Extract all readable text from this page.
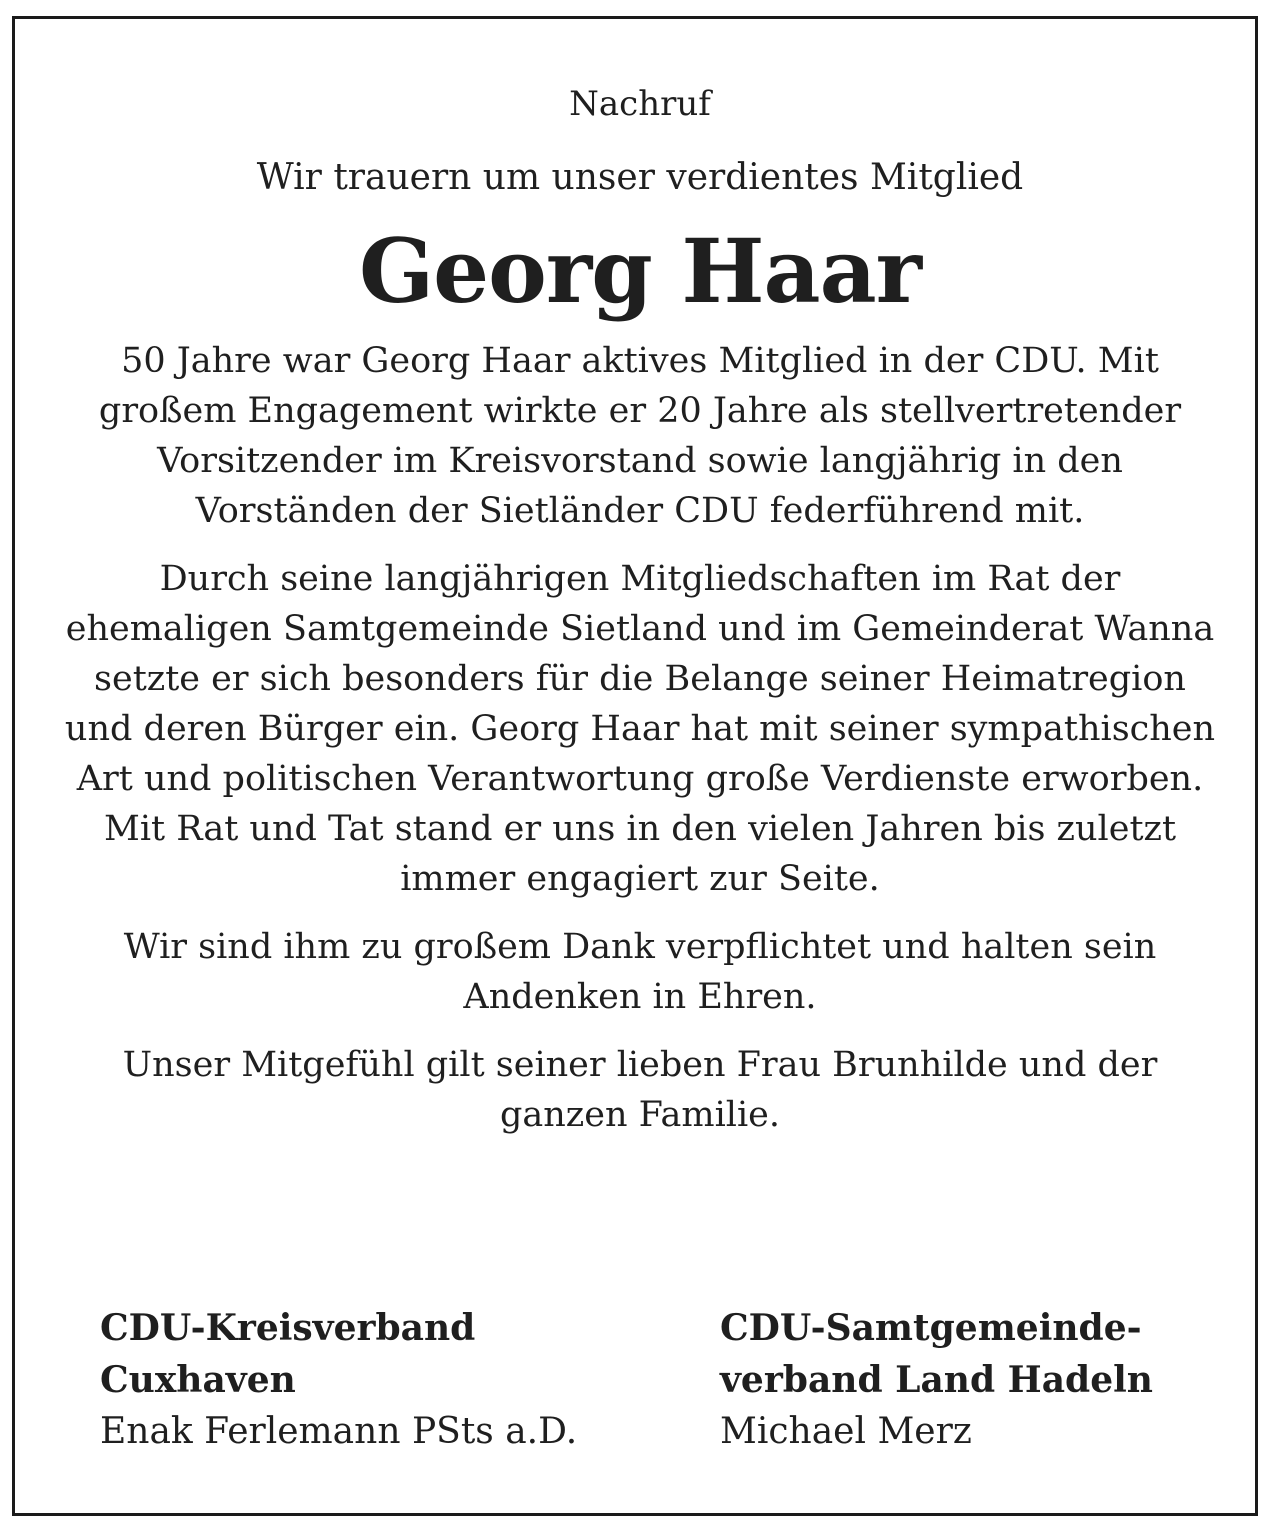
Nachruf

Wir trauern um unser verdientes Mitglied

Georg Haar

50 Jahre war Georg Haar aktives Mitglied in der CDU. Mit großem Engagement wirkte er 20 Jahre als stellvertretender Vorsitzender im Kreisvorstand sowie langjährig in den Vorständen der Sietländer CDU federführend mit.

Durch seine langjährigen Mitgliedschaften im Rat der ehemaligen Samtgemeinde Sietland und im Gemeinderat Wanna setzte er sich besonders für die Belange seiner Heimatregion und deren Bürger ein. Georg Haar hat mit seiner sympathischen Art und politischen Verantwortung große Verdienste erworben. Mit Rat und Tat stand er uns in den vielen Jahren bis zuletzt immer engagiert zur Seite.

Wir sind ihm zu großem Dank verpflichtet und halten sein Andenken in Ehren.

Unser Mitgefühl gilt seiner lieben Frau Brunhilde und der ganzen Familie.

CDU-Kreisverband

Cuxhaven

Enak Ferlemann PSts a.D.

CDU-Samtgemeinde-

verband Land Hadeln

Michael Merz
